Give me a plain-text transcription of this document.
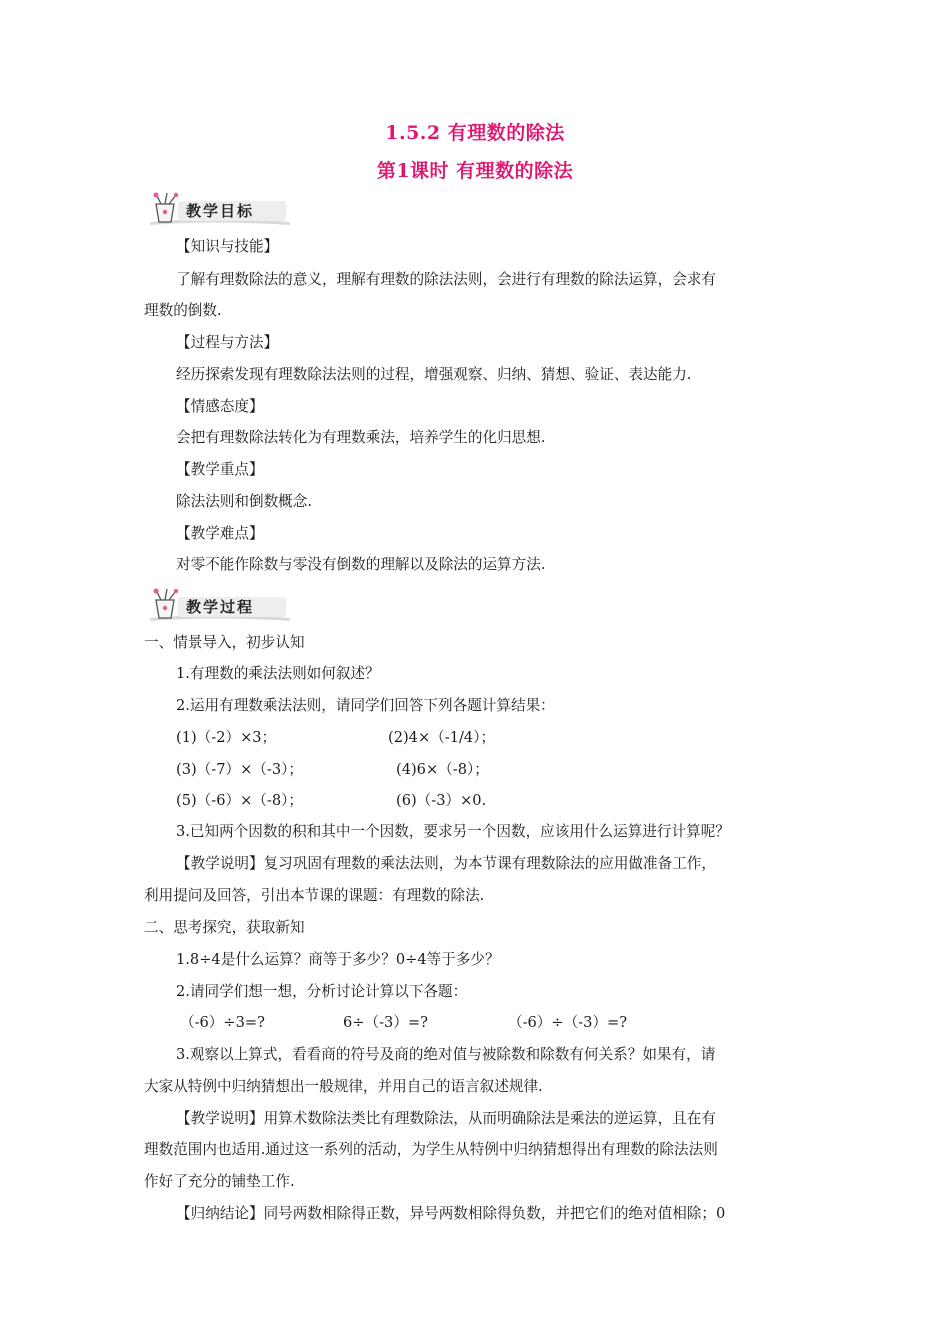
1.5.2 有理数的除法
第1课时 有理数的除法
教学目标
【知识与技能】
了解有理数除法的意义，理解有理数的除法法则，会进行有理数的除法运算，会求有
理数的倒数.
【过程与方法】
经历探索发现有理数除法法则的过程，增强观察、归纳、猜想、验证、表达能力.
【情感态度】
会把有理数除法转化为有理数乘法，培养学生的化归思想.
【教学重点】
除法法则和倒数概念.
【教学难点】
对零不能作除数与零没有倒数的理解以及除法的运算方法.
教学过程
一、情景导入，初步认知
1.有理数的乘法法则如何叙述？
2.运用有理数乘法法则，请同学们回答下列各题计算结果：
(1)（-2）×3；	(2)4×（-1/4）；
(3)（-7）×（-3）；	(4)6×（-8）；
(5)（-6）×（-8）；	(6)（-3）×0.
3.已知两个因数的积和其中一个因数，要求另一个因数，应该用什么运算进行计算呢？
【教学说明】复习巩固有理数的乘法法则，为本节课有理数除法的应用做准备工作，
利用提问及回答，引出本节课的课题：有理数的除法.
二、思考探究，获取新知
1.8÷4是什么运算？商等于多少？0÷4等于多少？
2.请同学们想一想，分析讨论计算以下各题：
（-6）÷3=?	6÷（-3）=?	（-6）÷（-3）=?
3.观察以上算式，看看商的符号及商的绝对值与被除数和除数有何关系？如果有，请
大家从特例中归纳猜想出一般规律，并用自己的语言叙述规律.
【教学说明】用算术数除法类比有理数除法，从而明确除法是乘法的逆运算，且在有
理数范围内也适用.通过这一系列的活动，为学生从特例中归纳猜想得出有理数的除法法则
作好了充分的铺垫工作.
【归纳结论】同号两数相除得正数，异号两数相除得负数，并把它们的绝对值相除；0
